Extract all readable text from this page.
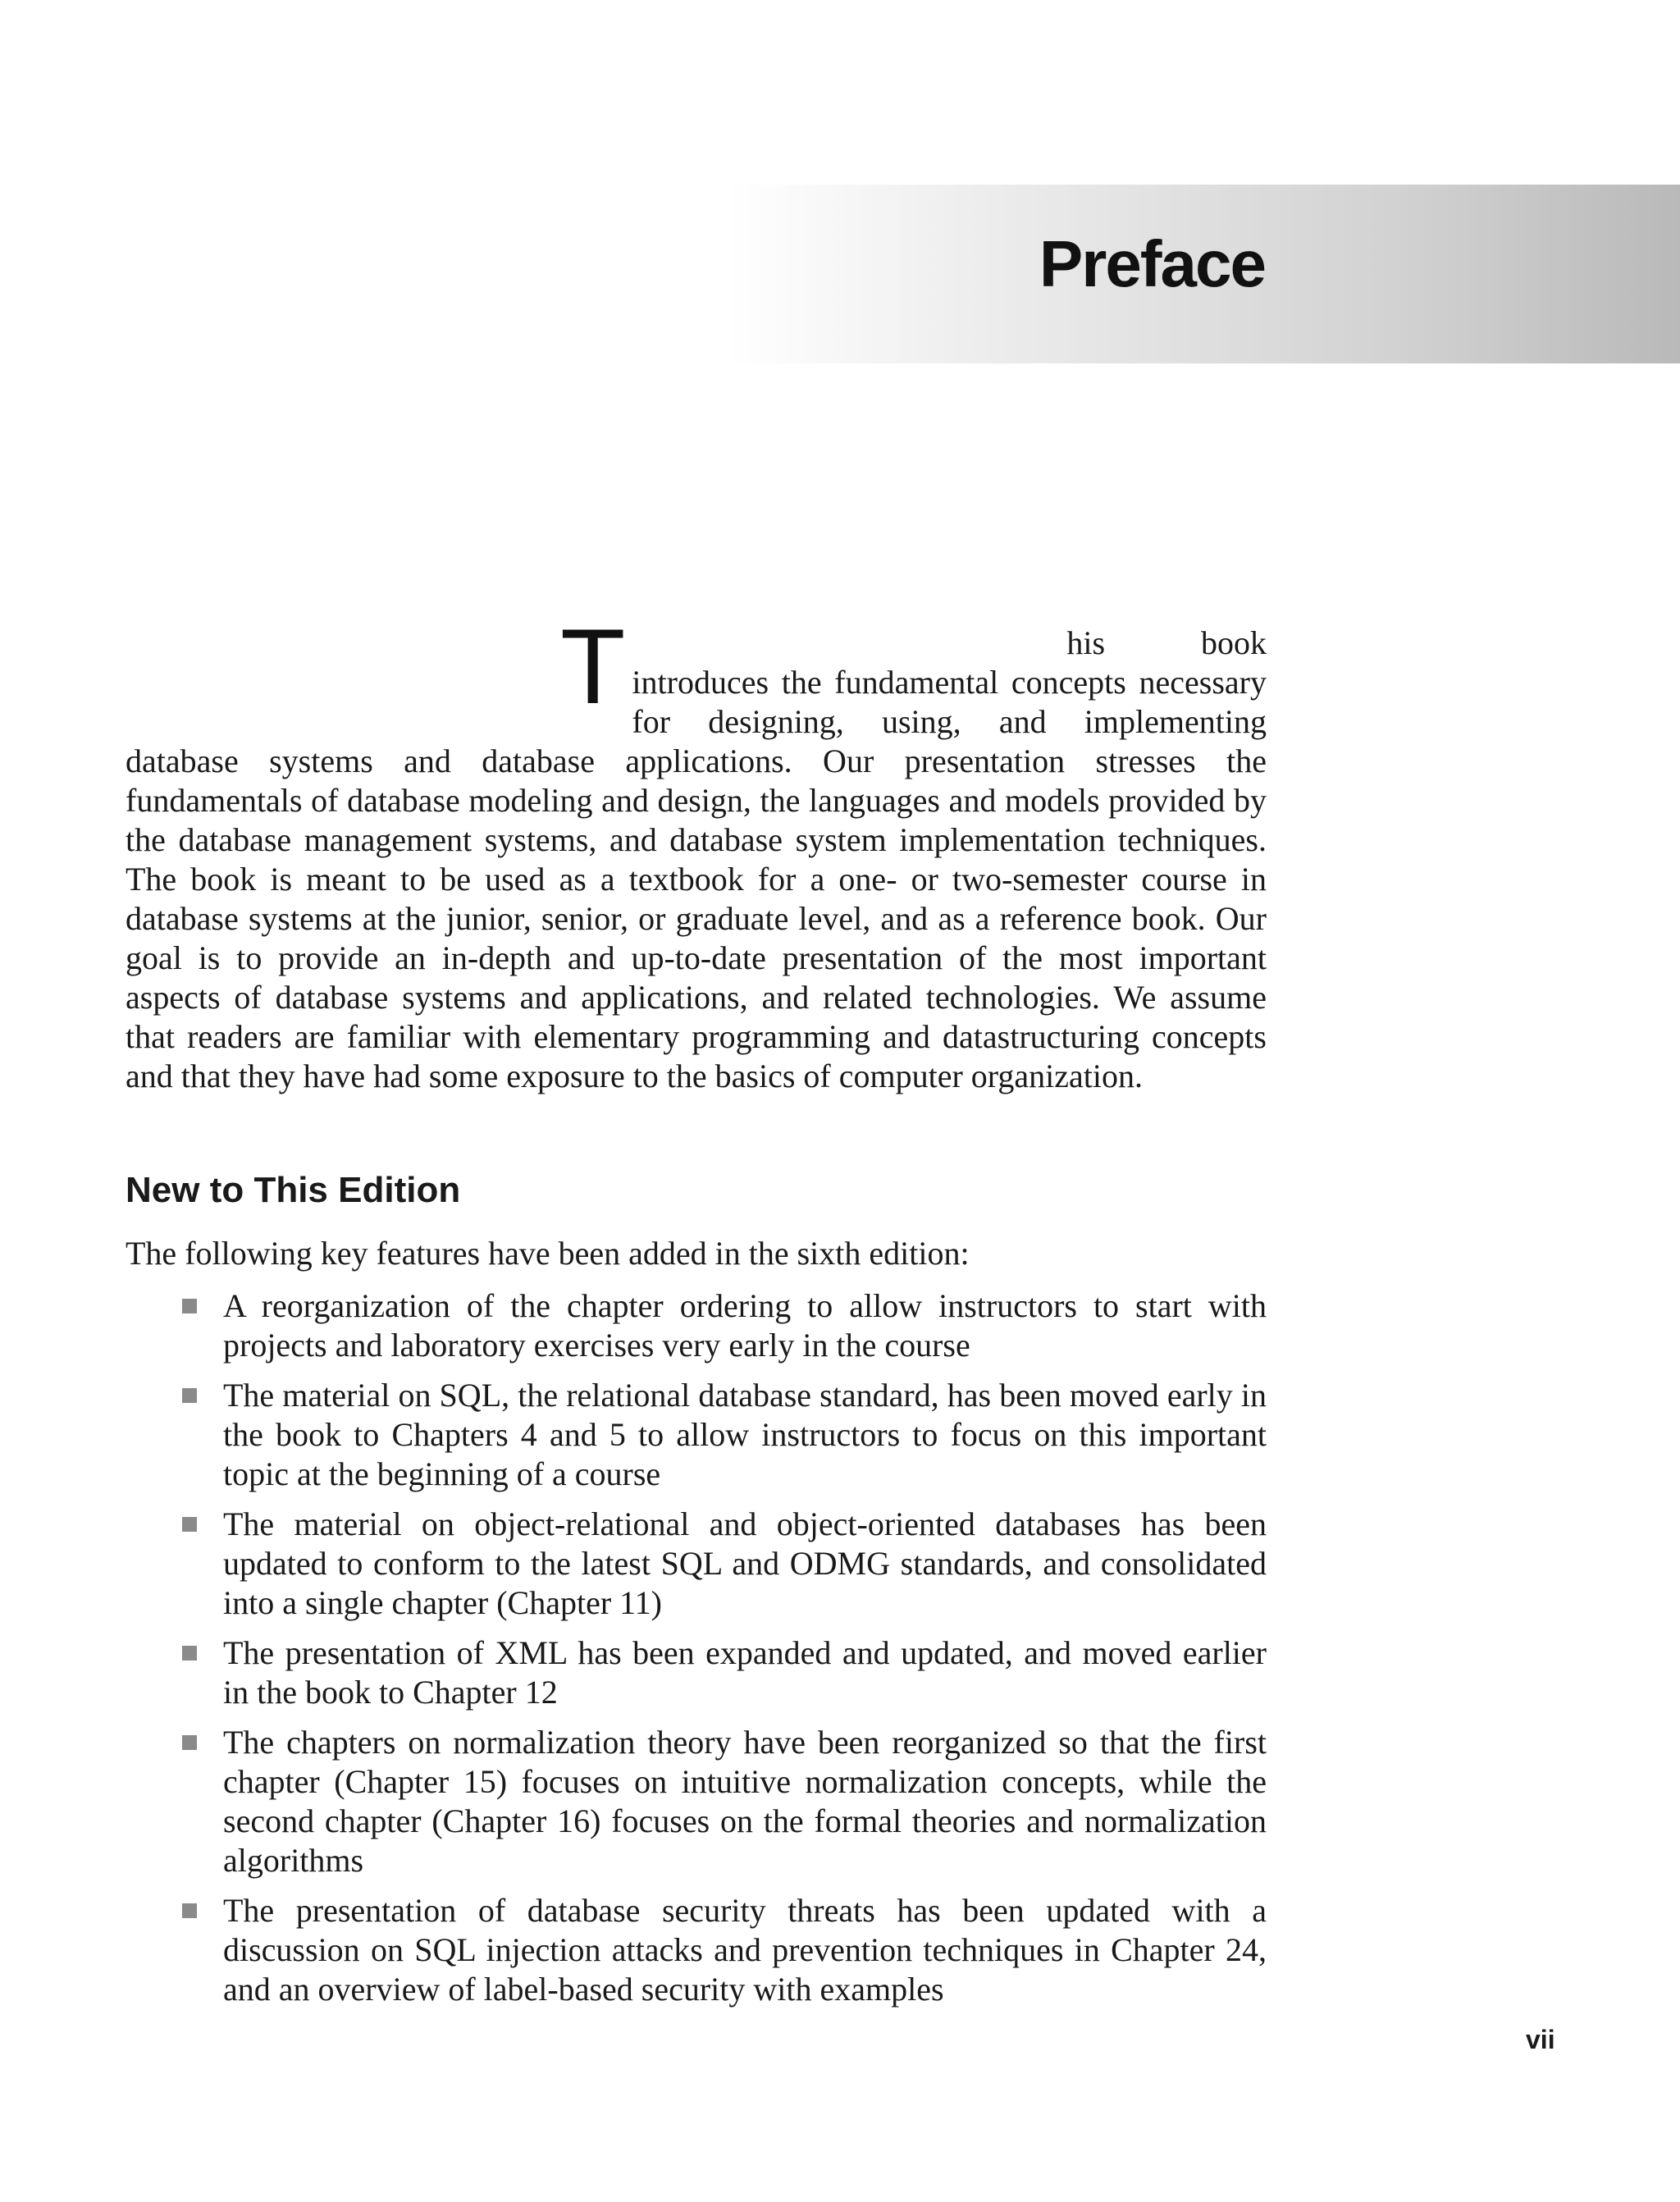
Preface

T	his book introduces the fundamental concepts necessary for designing, using, and implementing database systems and database applications. Our presentation stresses the fundamentals of database modeling and design, the languages and models provided by the database management systems, and database system implementation techniques. The book is meant to be used as a textbook for a one- or two-semester course in database systems at the junior, senior, or graduate level, and as a reference book. Our goal is to provide an in-depth and up-to-date presentation of the most important aspects of database systems and applications, and related technologies. We assume that readers are familiar with elementary programming and datastructuring concepts and that they have had some exposure to the basics of computer organization.

New to This Edition

The following key features have been added in the sixth edition:

A reorganization of the chapter ordering to allow instructors to start with projects and laboratory exercises very early in the course
The material on SQL, the relational database standard, has been moved early in the book to Chapters 4 and 5 to allow instructors to focus on this important topic at the beginning of a course
The material on object-relational and object-oriented databases has been updated to conform to the latest SQL and ODMG standards, and consolidated into a single chapter (Chapter 11)
The presentation of XML has been expanded and updated, and moved earlier in the book to Chapter 12
The chapters on normalization theory have been reorganized so that the first chapter (Chapter 15) focuses on intuitive normalization concepts, while the second chapter (Chapter 16) focuses on the formal theories and normalization algorithms
The presentation of database security threats has been updated with a discussion on SQL injection attacks and prevention techniques in Chapter 24, and an overview of label-based security with examples
vii
